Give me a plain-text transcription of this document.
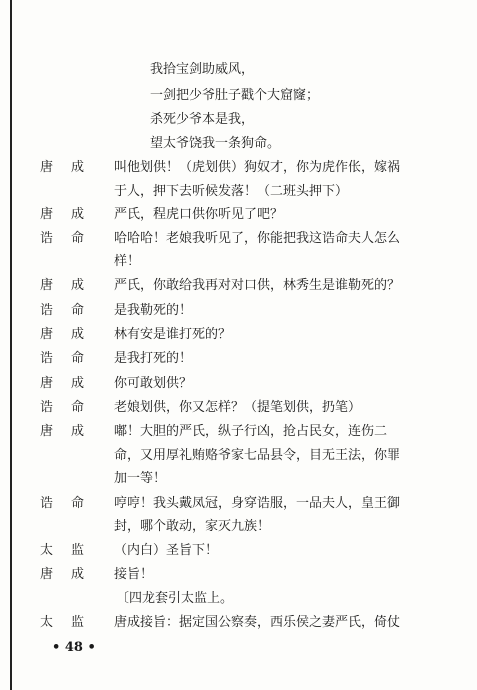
我拾宝剑助威风，
一剑把少爷肚子戳个大窟窿；
杀死少爷本是我，
望太爷饶我一条狗命。
唐成 叫他划供！（虎划供）狗奴才，你为虎作伥，嫁祸
于人，押下去听候发落！（二班头押下）
唐成 严氏，程虎口供你听见了吧？
诰命 哈哈哈！老娘我听见了，你能把我这诰命夫人怎么
样！
唐成 严氏，你敢给我再对对口供，林秀生是谁勒死的？
诰命 是我勒死的！
唐成 林有安是谁打死的？
诰命 是我打死的！
唐成 你可敢划供？
诰命 老娘划供，你又怎样？（提笔划供，扔笔）
唐成 嘟！大胆的严氏，纵子行凶，抢占民女，连伤二
命，又用厚礼贿赂爷家七品县令，目无王法，你罪
加一等！
诰命 哼哼！我头戴凤冠，身穿诰服，一品夫人，皇王御
封，哪个敢动，家灭九族！
太监 （内白）圣旨下！
唐成 接旨！
〔四龙套引太监上。
太监 唐成接旨：据定国公察奏，西乐侯之妻严氏，倚仗
• 48 •
